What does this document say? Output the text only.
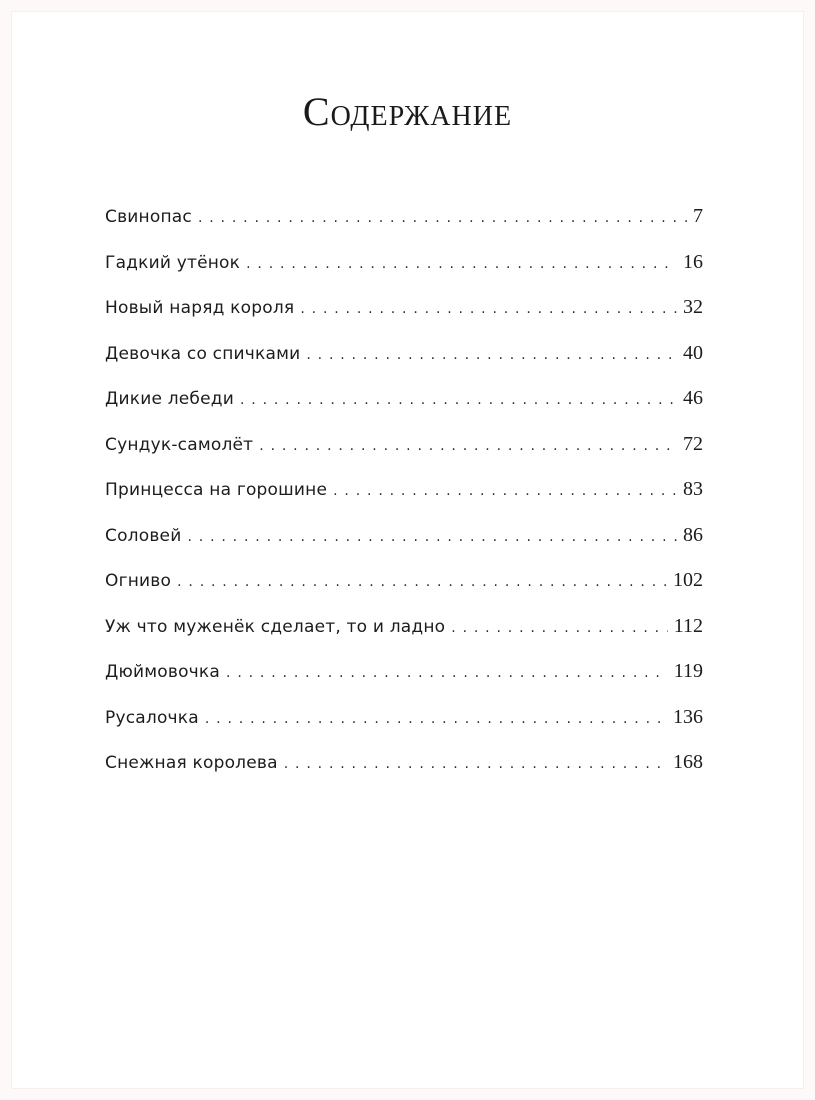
Содержание
Свинопас . . .	7
Гадкий утёнок . . .	16
Новый наряд короля . . .	32
Девочка со спичками . . .	40
Дикие лебеди . . .	46
Сундук-самолёт . . .	72
Принцесса на горошине . . .	83
Соловей . . .	86
Огниво . . .	102
Уж что муженёк сделает, то и ладно . . .	112
Дюймовочка . . .	119
Русалочка . . .	136
Снежная королева . . .	168
